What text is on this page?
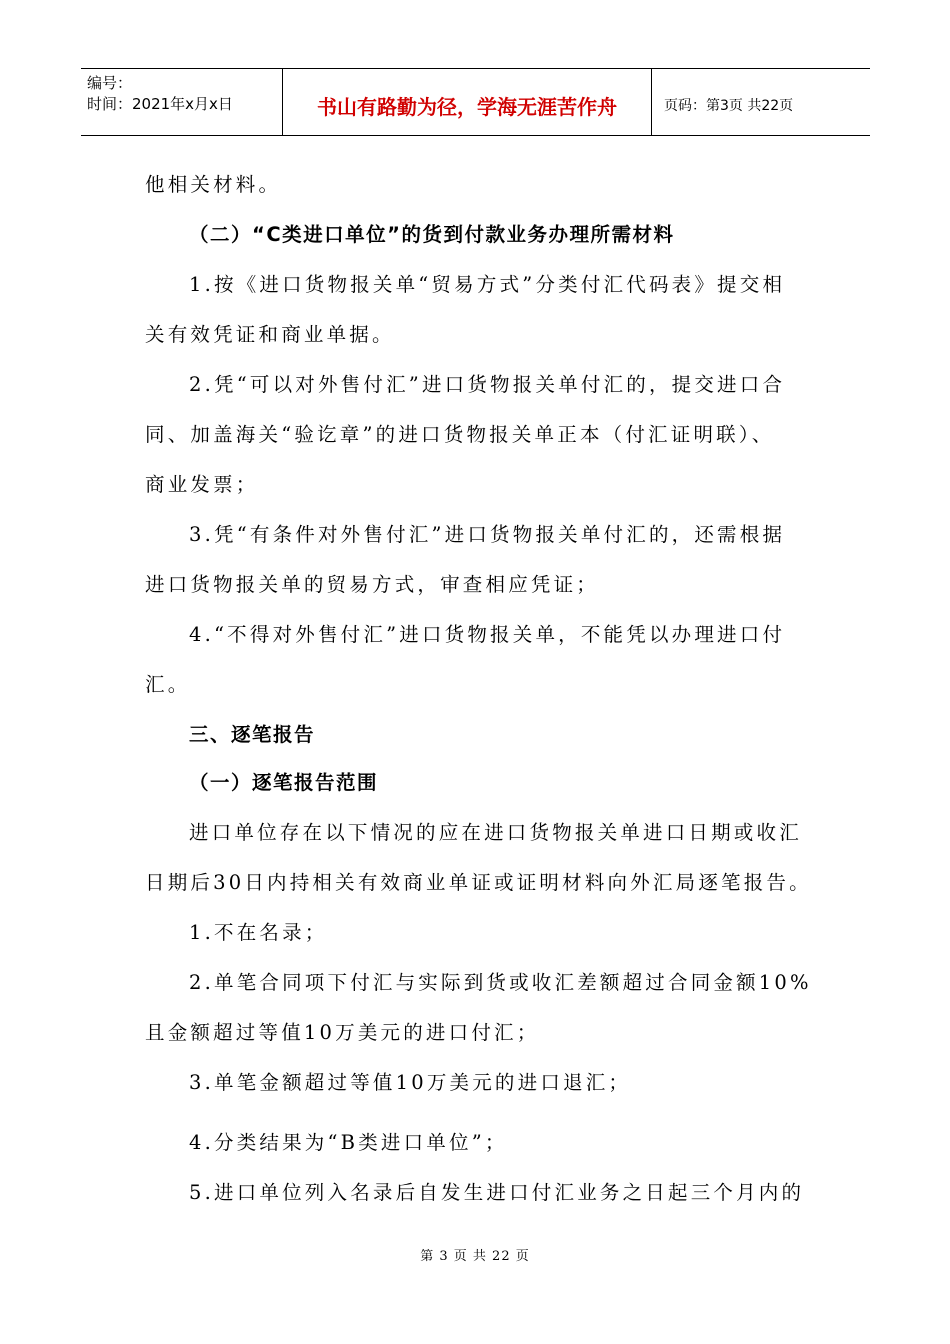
编号：
时间：2021年x月x日	书山有路勤为径，学海无涯苦作舟	页码：第3页 共22页
他相关材料。
（二）“C类进口单位”的货到付款业务办理所需材料
1.按《进口货物报关单“贸易方式”分类付汇代码表》提交相
关有效凭证和商业单据。
2.凭“可以对外售付汇”进口货物报关单付汇的，提交进口合
同、加盖海关“验讫章”的进口货物报关单正本（付汇证明联）、
商业发票；
3.凭“有条件对外售付汇”进口货物报关单付汇的，还需根据
进口货物报关单的贸易方式，审查相应凭证；
4.“不得对外售付汇”进口货物报关单，不能凭以办理进口付
汇。
三、逐笔报告
（一）逐笔报告范围
进口单位存在以下情况的应在进口货物报关单进口日期或收汇
日期后30日内持相关有效商业单证或证明材料向外汇局逐笔报告。
1.不在名录；
2.单笔合同项下付汇与实际到货或收汇差额超过合同金额10%
且金额超过等值10万美元的进口付汇；
3.单笔金额超过等值10万美元的进口退汇；
4.分类结果为“B类进口单位”；
5.进口单位列入名录后自发生进口付汇业务之日起三个月内的
第 3 页 共 22 页
